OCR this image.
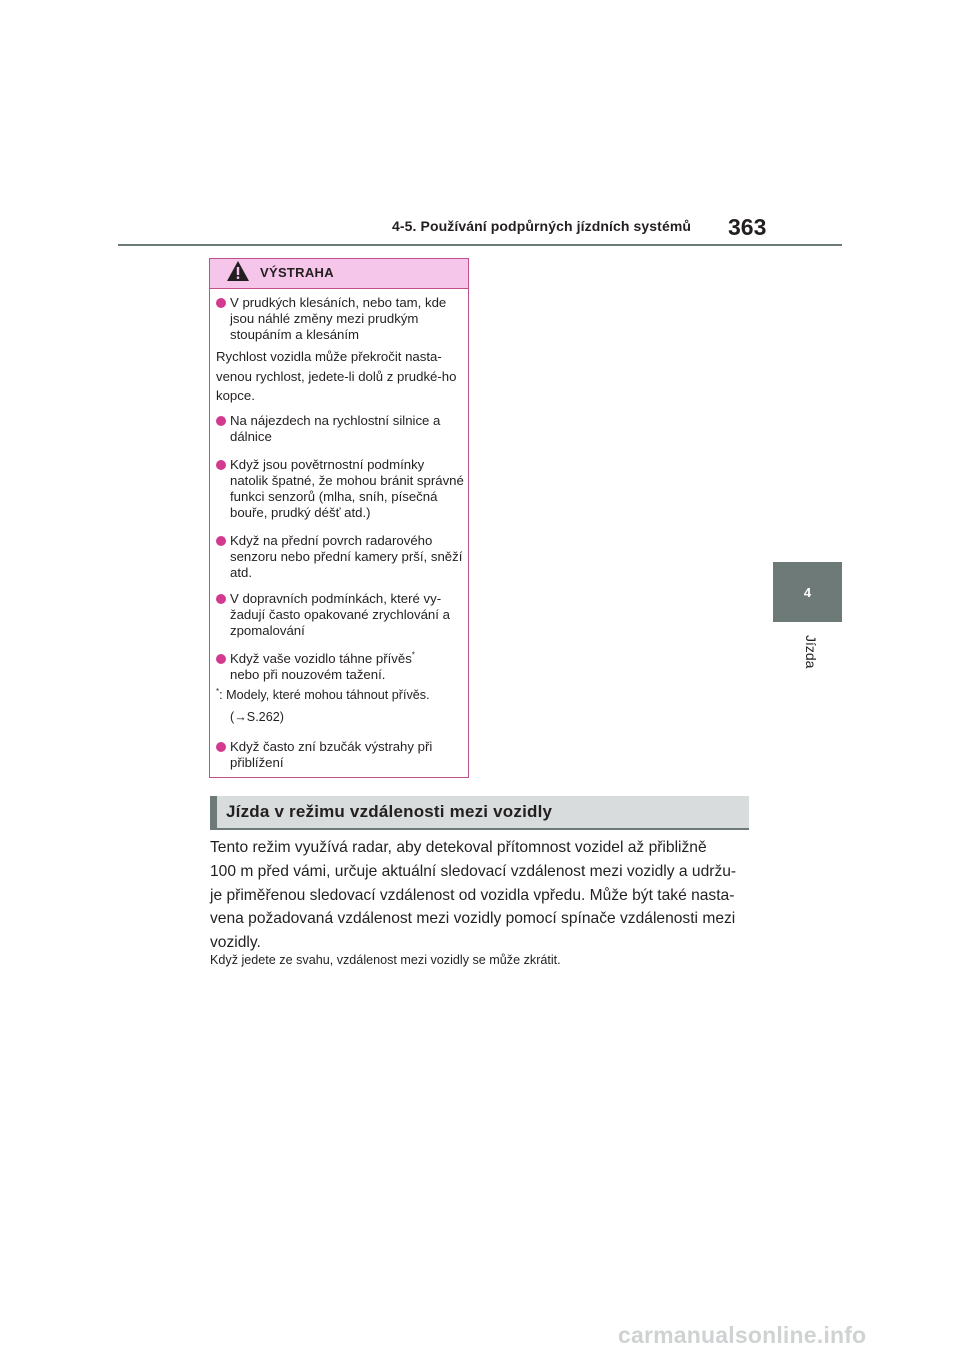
4-5. Používání podpůrných jízdních systémů 363
4
Jízda
VÝSTRAHA
V prudkých klesáních, nebo tam, kde jsou náhlé změny mezi prudkým stoupáním a klesáním
Rychlost vozidla může překročit nasta-venou rychlost, jedete-li dolů z prudké-ho kopce.
Na nájezdech na rychlostní silnice a dálnice
Když jsou povětrnostní podmínky natolik špatné, že mohou bránit správné funkci senzorů (mlha, sníh, písečná bouře, prudký déšť atd.)
Když na přední povrch radarového senzoru nebo přední kamery prší, sněží atd.
V dopravních podmínkách, které vy-žadují často opakované zrychlování a zpomalování
Když vaše vozidlo táhne přívěs*
nebo při nouzovém tažení.
*: Modely, které mohou táhnout přívěs.
(→S.262)
Když často zní bzučák výstrahy při přiblížení
Jízda v režimu vzdálenosti mezi vozidly
Tento režim využívá radar, aby detekoval přítomnost vozidel až přibližně
100 m před vámi, určuje aktuální sledovací vzdálenost mezi vozidly a udržu-
je přiměřenou sledovací vzdálenost od vozidla vpředu. Může být také nasta-
vena požadovaná vzdálenost mezi vozidly pomocí spínače vzdálenosti mezi
vozidly.
Když jedete ze svahu, vzdálenost mezi vozidly se může zkrátit.
carmanualsonline.info
